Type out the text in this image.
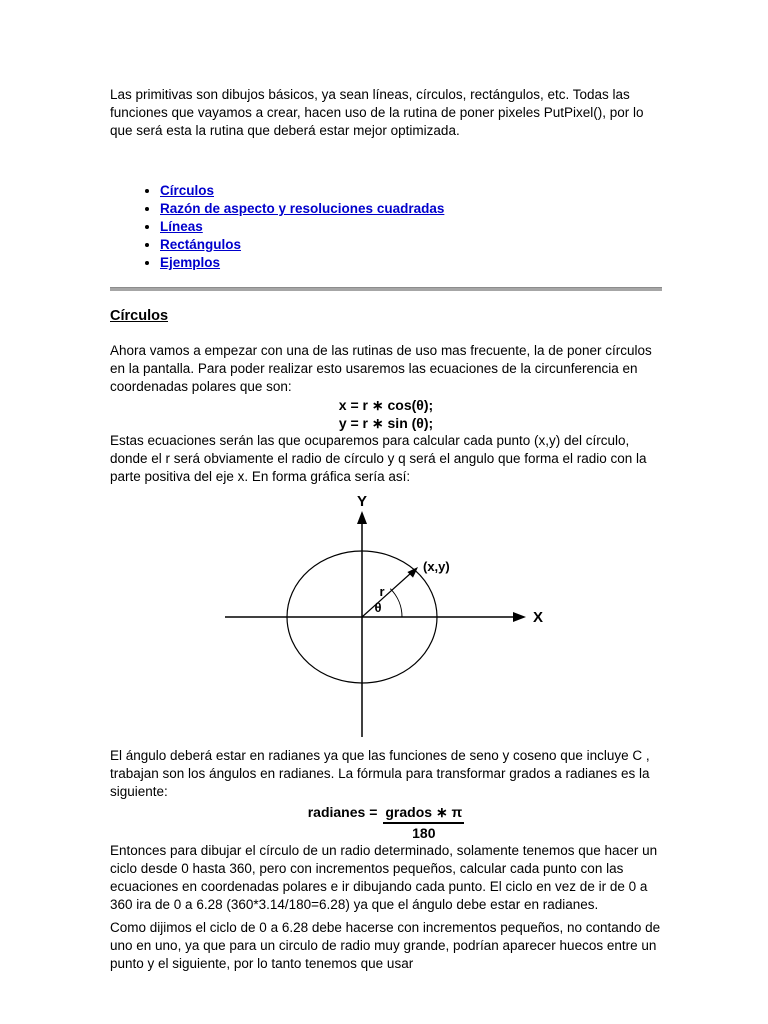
Las primitivas son dibujos básicos, ya sean líneas, círculos, rectángulos, etc. Todas las funciones que vayamos a crear, hacen uso de la rutina de poner pixeles PutPixel(), por lo que será esta la rutina que deberá estar mejor optimizada.

• Círculos
• Razón de aspecto y resoluciones cuadradas
• Líneas
• Rectángulos
• Ejemplos
Círculos

Ahora vamos a empezar con una de las rutinas de uso mas frecuente, la de poner círculos en la pantalla. Para poder realizar esto usaremos las ecuaciones de la circunferencia en coordenadas polares que son:

x = r ∗ cos(θ);
y = r ∗ sin (θ);

Estas ecuaciones serán las que ocuparemos para calcular cada punto (x,y) del círculo, donde el r será obviamente el radio de círculo y q será el angulo que forma el radio con la parte positiva del eje x. En forma gráfica sería así:

Y
X
(x,y)
r
θ

El ángulo deberá estar en radianes ya que las funciones de seno y coseno que incluye C , trabajan son los ángulos en radianes. La fórmula para transformar grados a radianes es la siguiente:

radianes = grados ∗ π
180

Entonces para dibujar el círculo de un radio determinado, solamente tenemos que hacer un ciclo desde 0 hasta 360, pero con incrementos pequeños, calcular cada punto con las ecuaciones en coordenadas polares e ir dibujando cada punto. El ciclo en vez de ir de 0 a 360 ira de 0 a 6.28 (360*3.14/180=6.28) ya que el ángulo debe estar en radianes.

Como dijimos el ciclo de 0 a 6.28 debe hacerse con incrementos pequeños, no contando de uno en uno, ya que para un circulo de radio muy grande, podrían aparecer huecos entre un punto y el siguiente, por lo tanto tenemos que usar
